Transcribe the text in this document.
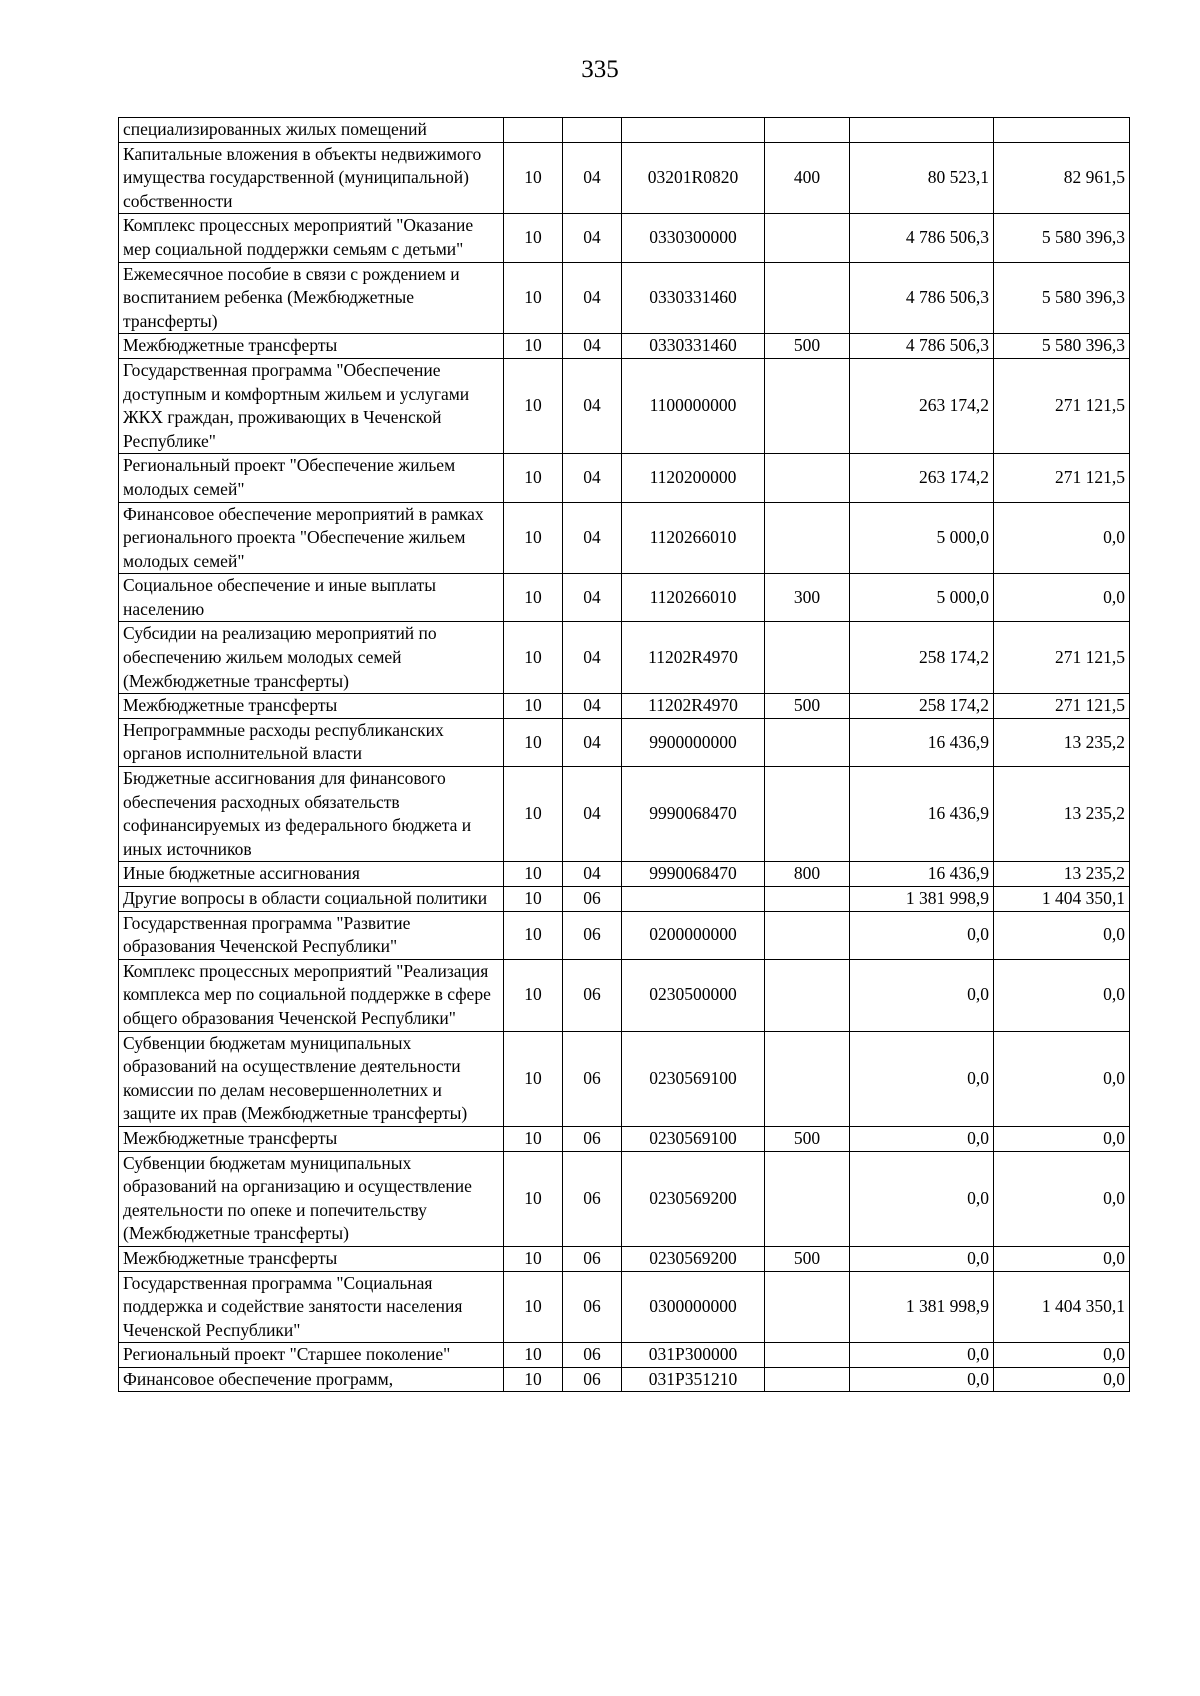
335
специализированных жилых помещений						
Капитальные вложения в объекты недвижимого имущества государственной (муниципальной) собственности	10	04	03201R0820	400	80 523,1	82 961,5
Комплекс процессных мероприятий "Оказание мер социальной поддержки семьям с детьми"	10	04	0330300000		4 786 506,3	5 580 396,3
Ежемесячное пособие в связи с рождением и воспитанием ребенка (Межбюджетные трансферты)	10	04	0330331460		4 786 506,3	5 580 396,3
Межбюджетные трансферты	10	04	0330331460	500	4 786 506,3	5 580 396,3
Государственная программа "Обеспечение доступным и комфортным жильем и услугами ЖКХ граждан, проживающих в Чеченской Республике"	10	04	1100000000		263 174,2	271 121,5
Региональный проект "Обеспечение жильем молодых семей"	10	04	1120200000		263 174,2	271 121,5
Финансовое обеспечение мероприятий в рамках регионального проекта "Обеспечение жильем молодых семей"	10	04	1120266010		5 000,0	0,0
Социальное обеспечение и иные выплаты населению	10	04	1120266010	300	5 000,0	0,0
Субсидии на реализацию мероприятий по обеспечению жильем молодых семей (Межбюджетные трансферты)	10	04	11202R4970		258 174,2	271 121,5
Межбюджетные трансферты	10	04	11202R4970	500	258 174,2	271 121,5
Непрограммные расходы республиканских органов исполнительной власти	10	04	9900000000		16 436,9	13 235,2
Бюджетные ассигнования для финансового обеспечения расходных обязательств софинансируемых из федерального бюджета и иных источников	10	04	9990068470		16 436,9	13 235,2
Иные бюджетные ассигнования	10	04	9990068470	800	16 436,9	13 235,2
Другие вопросы в области социальной политики	10	06			1 381 998,9	1 404 350,1
Государственная программа "Развитие образования Чеченской Республики"	10	06	0200000000		0,0	0,0
Комплекс процессных мероприятий "Реализация комплекса мер по социальной поддержке в сфере общего образования Чеченской Республики"	10	06	0230500000		0,0	0,0
Субвенции бюджетам муниципальных образований на осуществление деятельности комиссии по делам несовершеннолетних и защите их прав (Межбюджетные трансферты)	10	06	0230569100		0,0	0,0
Межбюджетные трансферты	10	06	0230569100	500	0,0	0,0
Субвенции бюджетам муниципальных образований на организацию и осуществление деятельности по опеке и попечительству (Межбюджетные трансферты)	10	06	0230569200		0,0	0,0
Межбюджетные трансферты	10	06	0230569200	500	0,0	0,0
Государственная программа "Социальная поддержка и содействие занятости населения Чеченской Республики"	10	06	0300000000		1 381 998,9	1 404 350,1
Региональный проект "Старшее поколение"	10	06	031P300000		0,0	0,0
Финансовое обеспечение программ,	10	06	031P351210		0,0	0,0
